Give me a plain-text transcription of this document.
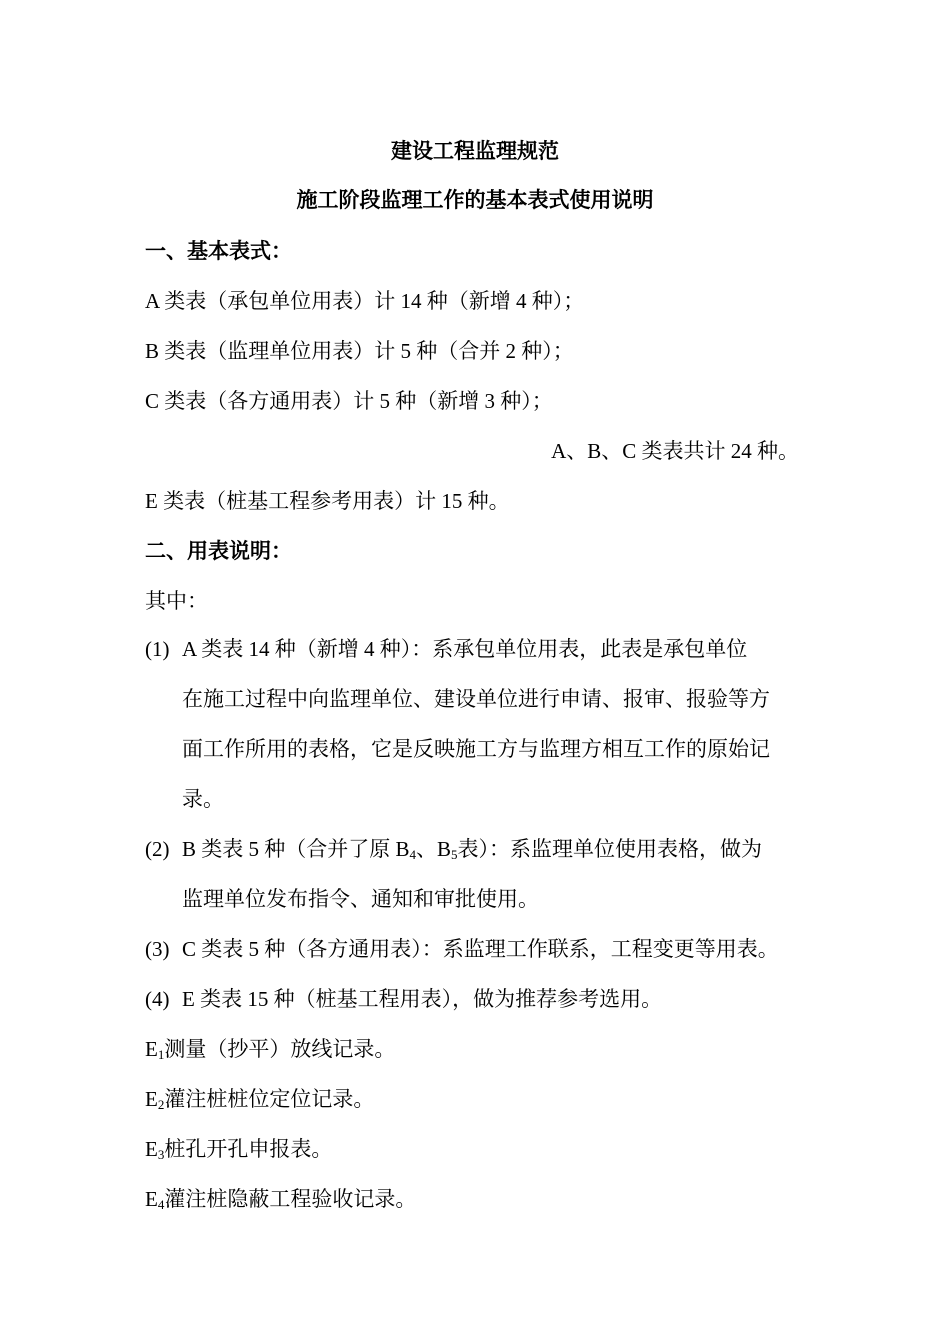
建设工程监理规范
施工阶段监理工作的基本表式使用说明
一、基本表式：
A 类表（承包单位用表）计 14 种（新增 4 种）；
B 类表（监理单位用表）计 5 种（合并 2 种）；
C 类表（各方通用表）计 5 种（新增 3 种）；
A、B、C 类表共计 24 种。
E 类表（桩基工程参考用表）计 15 种。
二、用表说明：
其中：
(1) A 类表 14 种（新增 4 种）：系承包单位用表，此表是承包单位
在施工过程中向监理单位、建设单位进行申请、报审、报验等方
面工作所用的表格，它是反映施工方与监理方相互工作的原始记
录。
(2) B 类表 5 种（合并了原 $B_4$、$B_5$表）：系监理单位使用表格，做为
监理单位发布指令、通知和审批使用。
(3) C 类表 5 种（各方通用表）：系监理工作联系，工程变更等用表。
(4) E 类表 15 种（桩基工程用表），做为推荐参考选用。
$E_1$测量（抄平）放线记录。
$E_2$灌注桩桩位定位记录。
$E_3$桩孔开孔申报表。
$E_4$灌注桩隐蔽工程验收记录。
